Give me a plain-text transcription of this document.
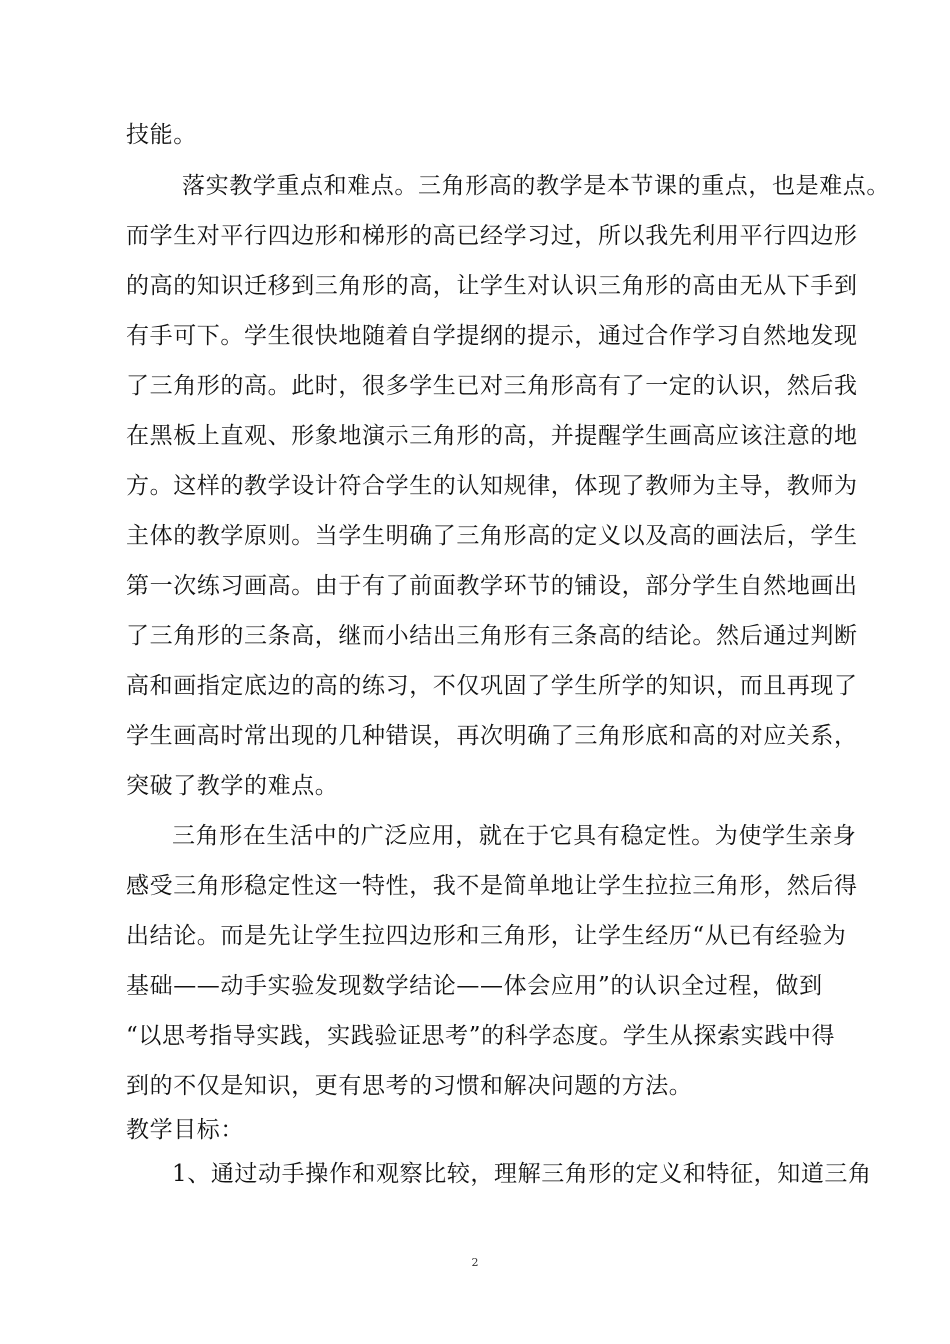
技能。
落实教学重点和难点。三角形高的教学是本节课的重点，也是难点。
而学生对平行四边形和梯形的高已经学习过，所以我先利用平行四边形
的高的知识迁移到三角形的高，让学生对认识三角形的高由无从下手到
有手可下。学生很快地随着自学提纲的提示，通过合作学习自然地发现
了三角形的高。此时，很多学生已对三角形高有了一定的认识，然后我
在黑板上直观、形象地演示三角形的高，并提醒学生画高应该注意的地
方。这样的教学设计符合学生的认知规律，体现了教师为主导，教师为
主体的教学原则。当学生明确了三角形高的定义以及高的画法后，学生
第一次练习画高。由于有了前面教学环节的铺设，部分学生自然地画出
了三角形的三条高，继而小结出三角形有三条高的结论。然后通过判断
高和画指定底边的高的练习，不仅巩固了学生所学的知识，而且再现了
学生画高时常出现的几种错误，再次明确了三角形底和高的对应关系，
突破了教学的难点。
三角形在生活中的广泛应用，就在于它具有稳定性。为使学生亲身
感受三角形稳定性这一特性，我不是简单地让学生拉拉三角形，然后得
出结论。而是先让学生拉四边形和三角形，让学生经历“从已有经验为
基础——动手实验发现数学结论——体会应用”的认识全过程，做到
“以思考指导实践，实践验证思考”的科学态度。学生从探索实践中得
到的不仅是知识，更有思考的习惯和解决问题的方法。
教学目标：
1、通过动手操作和观察比较，理解三角形的定义和特征，知道三角
2
